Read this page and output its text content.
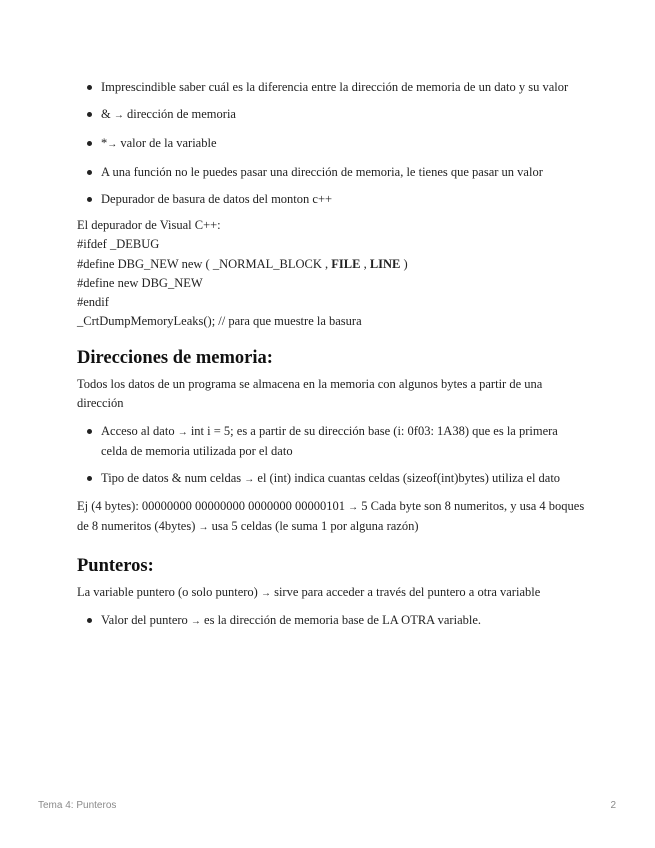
Imprescindible saber cuál es la diferencia entre la dirección de memoria de un dato y su valor
& → dirección de memoria
*→ valor de la variable
A una función no le puedes pasar una dirección de memoria, le tienes que pasar un valor
Depurador de basura de datos del monton c++

El depurador de Visual C++:

#ifdef _DEBUG

#define DBG_NEW new ( _NORMAL_BLOCK , FILE , LINE )

#define new DBG_NEW

#endif

_CrtDumpMemoryLeaks(); // para que muestre la basura

Direcciones de memoria:

Todos los datos de un programa se almacena en la memoria con algunos bytes a partir de una dirección

Acceso al dato → int i = 5; es a partir de su dirección base (i: 0f03: 1A38) que es la primera celda de memoria utilizada por el dato
Tipo de datos & num celdas → el (int) indica cuantas celdas (sizeof(int)bytes) utiliza el dato

Ej (4 bytes): 00000000 00000000 0000000 00000101 → 5 Cada byte son 8 numeritos, y usa 4 boques de 8 numeritos (4bytes) → usa 5 celdas (le suma 1 por alguna razón)

Punteros:

La variable puntero (o solo puntero) → sirve para acceder a través del puntero a otra variable

Valor del puntero → es la dirección de memoria base de LA OTRA variable.
Tema 4: Punteros	2
